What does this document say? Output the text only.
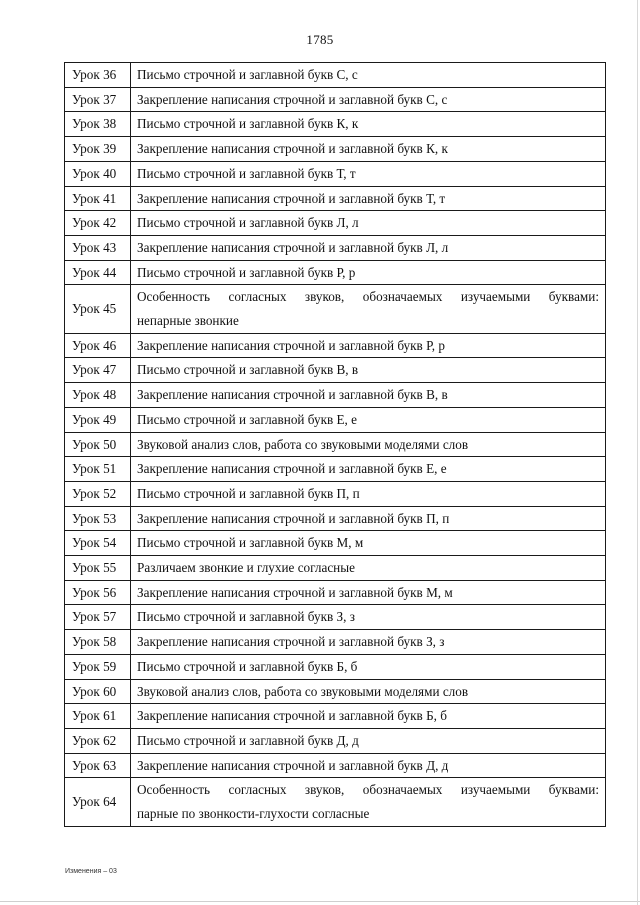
1785
Урок 36	Письмо строчной и заглавной букв С, с
Урок 37	Закрепление написания строчной и заглавной букв С, с
Урок 38	Письмо строчной и заглавной букв К, к
Урок 39	Закрепление написания строчной и заглавной букв К, к
Урок 40	Письмо строчной и заглавной букв Т, т
Урок 41	Закрепление написания строчной и заглавной букв Т, т
Урок 42	Письмо строчной и заглавной букв Л, л
Урок 43	Закрепление написания строчной и заглавной букв Л, л
Урок 44	Письмо строчной и заглавной букв Р, р
Урок 45	Особенность согласных звуков, обозначаемых изучаемыми буквами:
непарные звонкие
Урок 46	Закрепление написания строчной и заглавной букв Р, р
Урок 47	Письмо строчной и заглавной букв В, в
Урок 48	Закрепление написания строчной и заглавной букв В, в
Урок 49	Письмо строчной и заглавной букв Е, е
Урок 50	Звуковой анализ слов, работа со звуковыми моделями слов
Урок 51	Закрепление написания строчной и заглавной букв Е, е
Урок 52	Письмо строчной и заглавной букв П, п
Урок 53	Закрепление написания строчной и заглавной букв П, п
Урок 54	Письмо строчной и заглавной букв М, м
Урок 55	Различаем звонкие и глухие согласные
Урок 56	Закрепление написания строчной и заглавной букв М, м
Урок 57	Письмо строчной и заглавной букв З, з
Урок 58	Закрепление написания строчной и заглавной букв З, з
Урок 59	Письмо строчной и заглавной букв Б, б
Урок 60	Звуковой анализ слов, работа со звуковыми моделями слов
Урок 61	Закрепление написания строчной и заглавной букв Б, б
Урок 62	Письмо строчной и заглавной букв Д, д
Урок 63	Закрепление написания строчной и заглавной букв Д, д
Урок 64	Особенность согласных звуков, обозначаемых изучаемыми буквами:
парные по звонкости-глухости согласные
Изменения – 03
